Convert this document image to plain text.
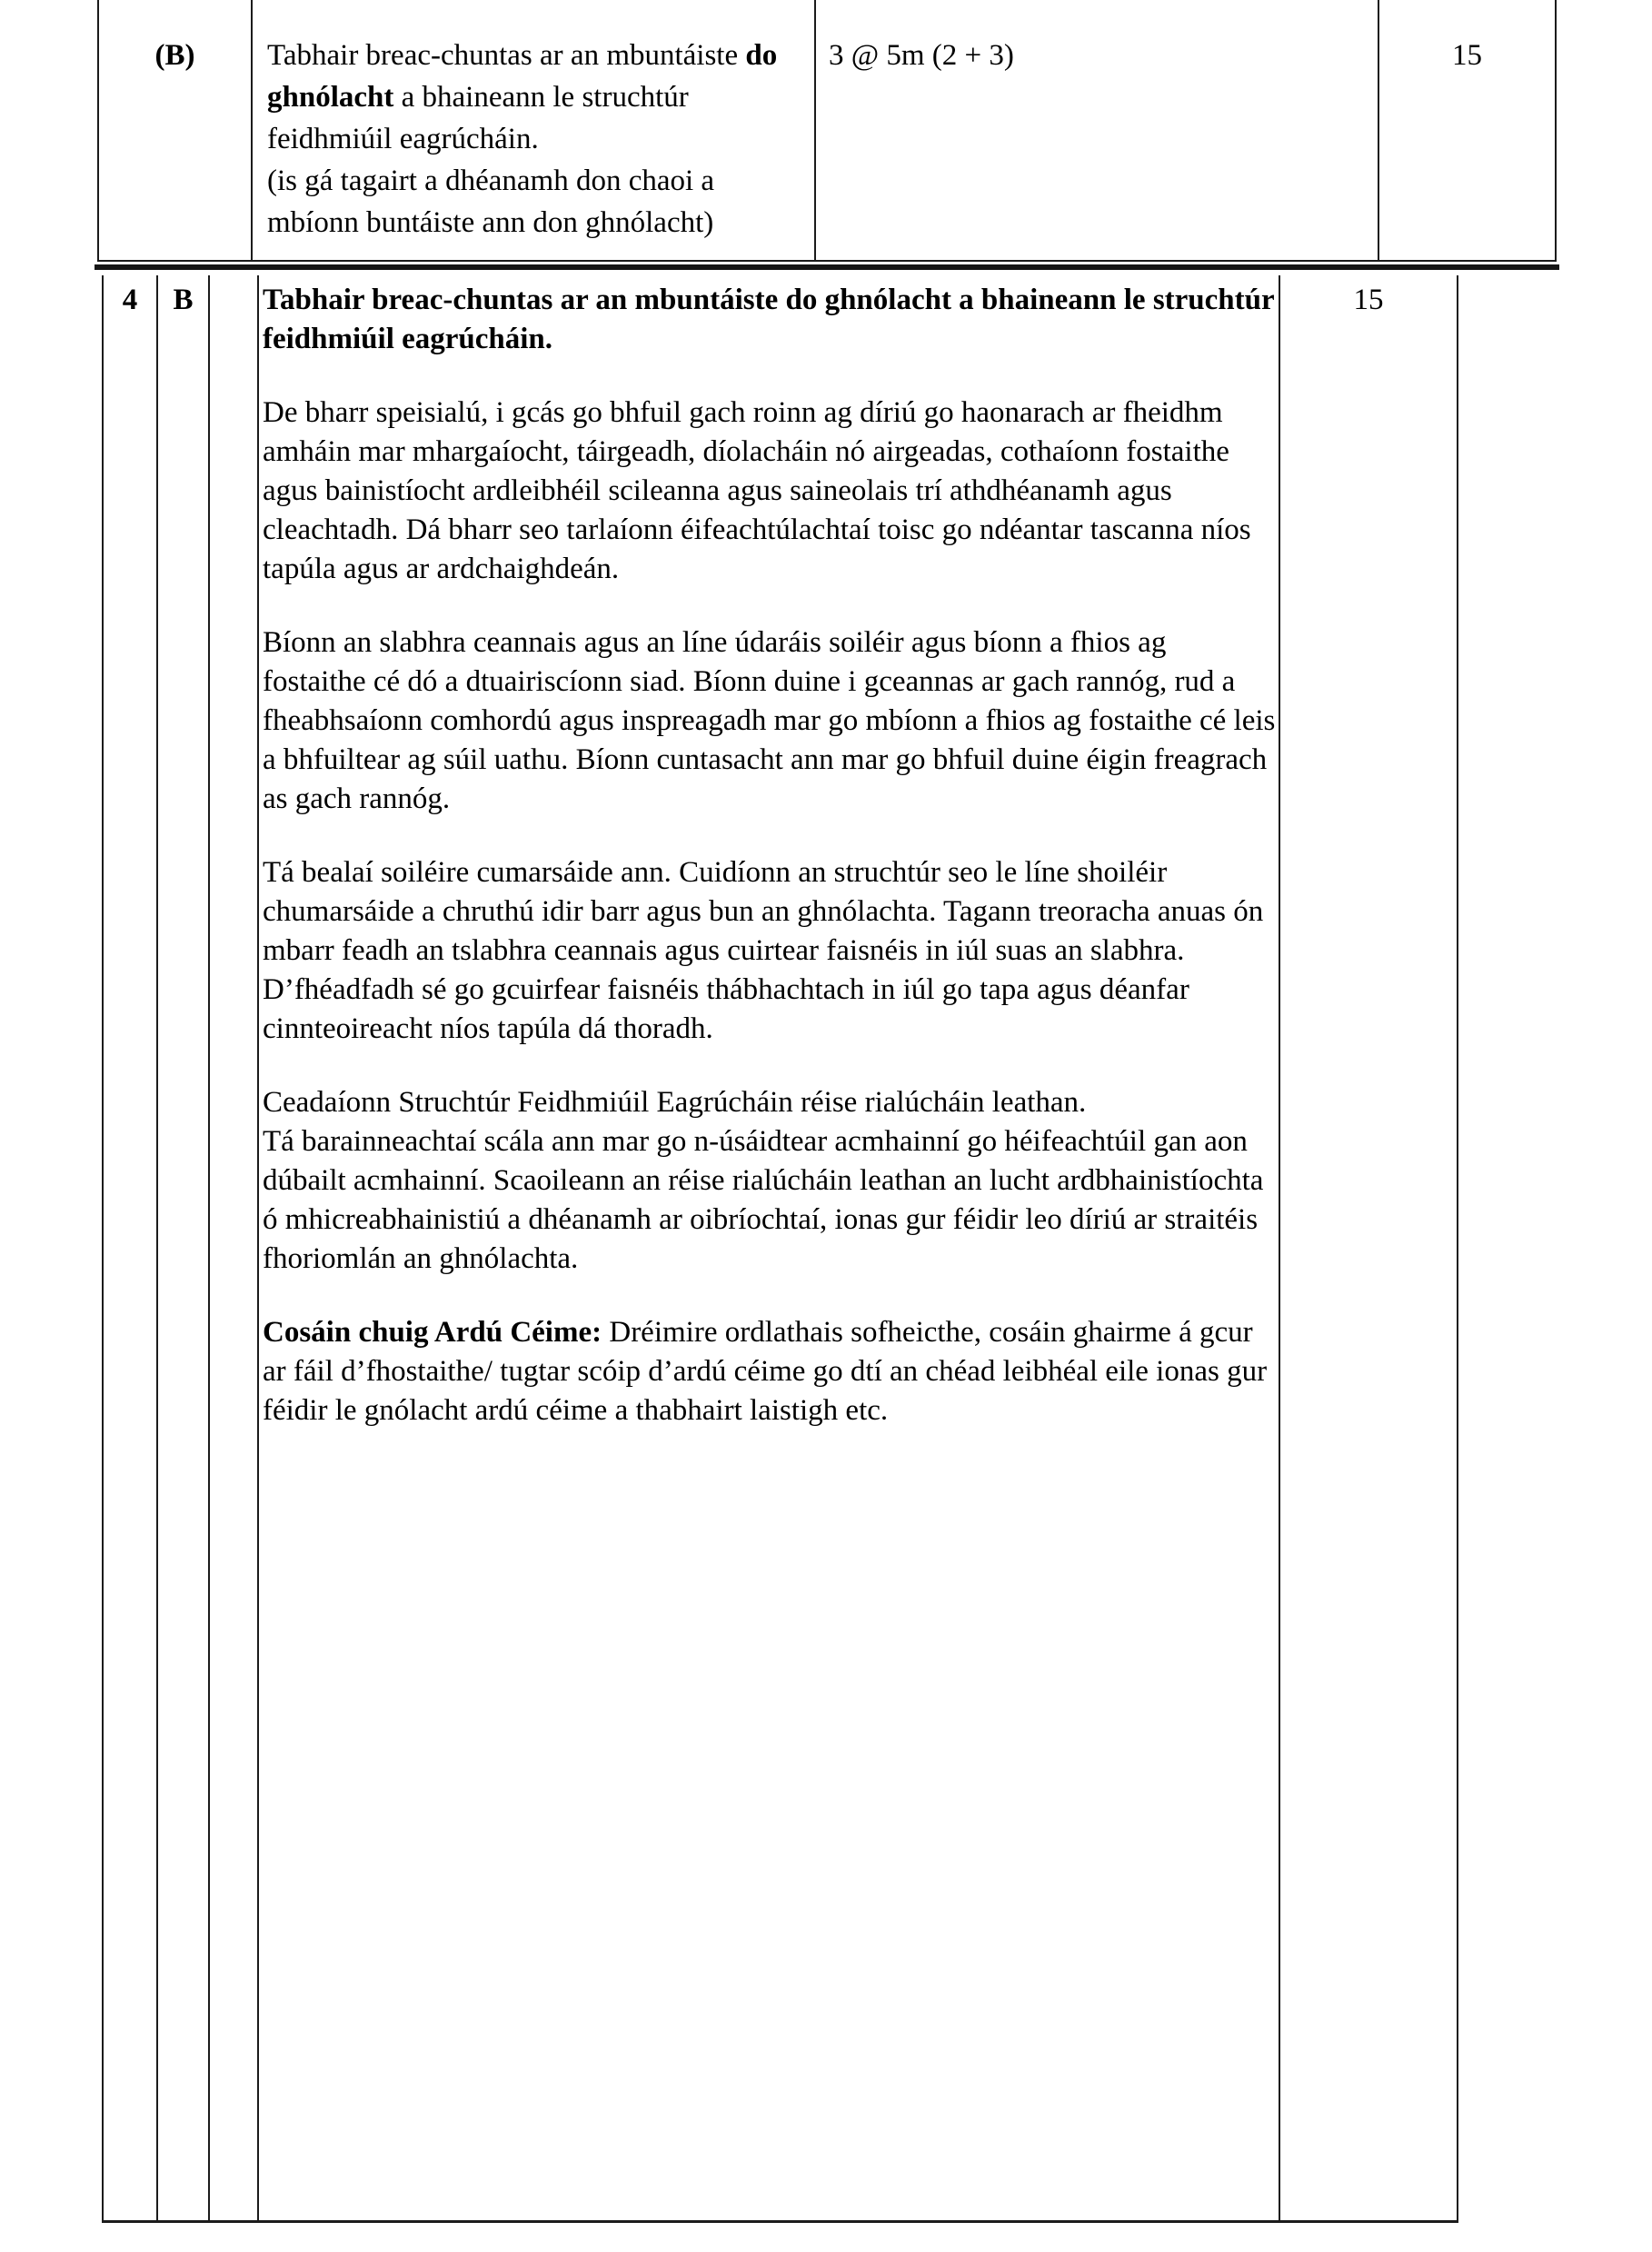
(B)	Tabhair breac-chuntas ar an mbuntáiste do ghnólacht a bhaineann le struchtúr feidhmiúil eagrúcháin.
(is gá tagairt a dhéanamh don chaoi a mbíonn buntáiste ann don ghnólacht)
3 @ 5m (2 + 3)	15
4	B	Tabhair breac-chuntas ar an mbuntáiste do ghnólacht a bhaineann le struchtúr feidhmiúil eagrúcháin.

De bharr speisialú, i gcás go bhfuil gach roinn ag díriú go haonarach ar fheidhm amháin mar mhargaíocht, táirgeadh, díolacháin nó airgeadas, cothaíonn fostaithe agus bainistíocht ardleibhéil scileanna agus saineolais trí athdhéanamh agus cleachtadh. Dá bharr seo tarlaíonn éifeachtúlachtaí toisc go ndéantar tascanna níos tapúla agus ar ardchaighdeán.

Bíonn an slabhra ceannais agus an líne údaráis soiléir agus bíonn a fhios ag fostaithe cé dó a dtuairiscíonn siad. Bíonn duine i gceannas ar gach rannóg, rud a fheabhsaíonn comhordú agus inspreagadh mar go mbíonn a fhios ag fostaithe cé leis a bhfuiltear ag súil uathu. Bíonn cuntasacht ann mar go bhfuil duine éigin freagrach as gach rannóg.

Tá bealaí soiléire cumarsáide ann. Cuidíonn an struchtúr seo le líne shoiléir chumarsáide a chruthú idir barr agus bun an ghnólachta. Tagann treoracha anuas ón mbarr feadh an tslabhra ceannais agus cuirtear faisnéis in iúl suas an slabhra. D’fhéadfadh sé go gcuirfear faisnéis thábhachtach in iúl go tapa agus déanfar cinnteoireacht níos tapúla dá thoradh.

Ceadaíonn Struchtúr Feidhmiúil Eagrúcháin réise rialúcháin leathan.
Tá barainneachtaí scála ann mar go n-úsáidtear acmhainní go héifeachtúil gan aon dúbailt acmhainní. Scaoileann an réise rialúcháin leathan an lucht ardbhainistíochta ó mhicreabhainistiú a dhéanamh ar oibríochtaí, ionas gur féidir leo díriú ar straitéis fhoriomlán an ghnólachta.

Cosáin chuig Ardú Céime: Dréimire ordlathais sofheicthe, cosáin ghairme á gcur ar fáil d’fhostaithe/ tugtar scóip d’ardú céime go dtí an chéad leibhéal eile ionas gur féidir le gnólacht ardú céime a thabhairt laistigh etc.

15
